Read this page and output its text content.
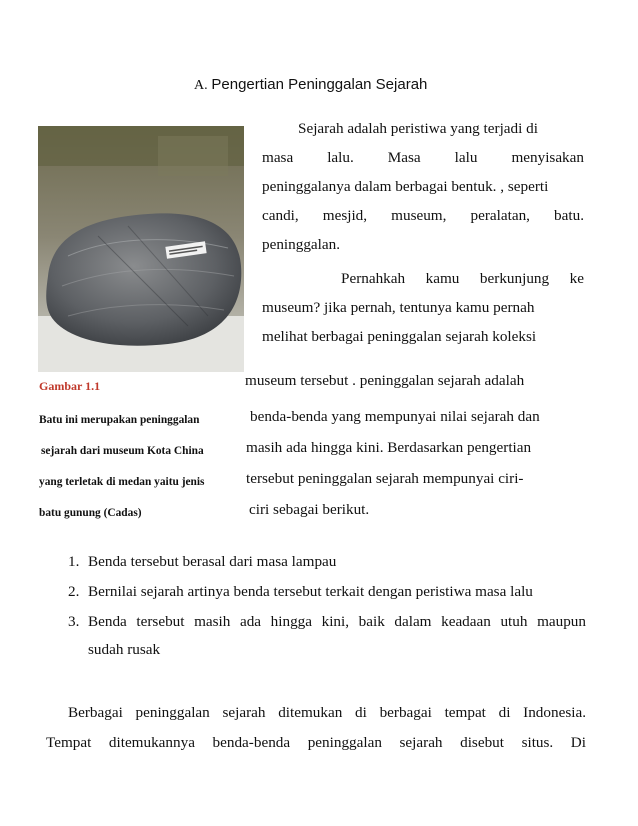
A. Pengertian Peninggalan Sejarah
Sejarah adalah peristiwa yang terjadi di
masa lalu. Masa lalu menyisakan
peninggalanya dalam berbagai bentuk. , seperti
candi, mesjid, museum, peralatan, batu.
peninggalan.
Pernahkah kamu berkunjung ke
museum? jika pernah, tentunya kamu pernah
melihat berbagai peninggalan sejarah koleksi
museum tersebut . peninggalan sejarah adalah
benda-benda yang mempunyai nilai sejarah dan
masih ada hingga kini. Berdasarkan pengertian
tersebut peninggalan sejarah mempunyai ciri-
ciri sebagai berikut.
Gambar 1.1
Batu ini merupakan peninggalan
sejarah dari museum Kota China
yang terletak di medan yaitu jenis
batu gunung (Cadas)
1. Benda tersebut berasal dari masa lampau
2. Bernilai sejarah artinya benda tersebut terkait dengan peristiwa masa lalu
3. Benda tersebut masih ada hingga kini, baik dalam keadaan utuh maupun
sudah rusak
Berbagai peninggalan sejarah ditemukan di berbagai tempat di Indonesia.
Tempat ditemukannya benda-benda peninggalan sejarah disebut situs. Di
